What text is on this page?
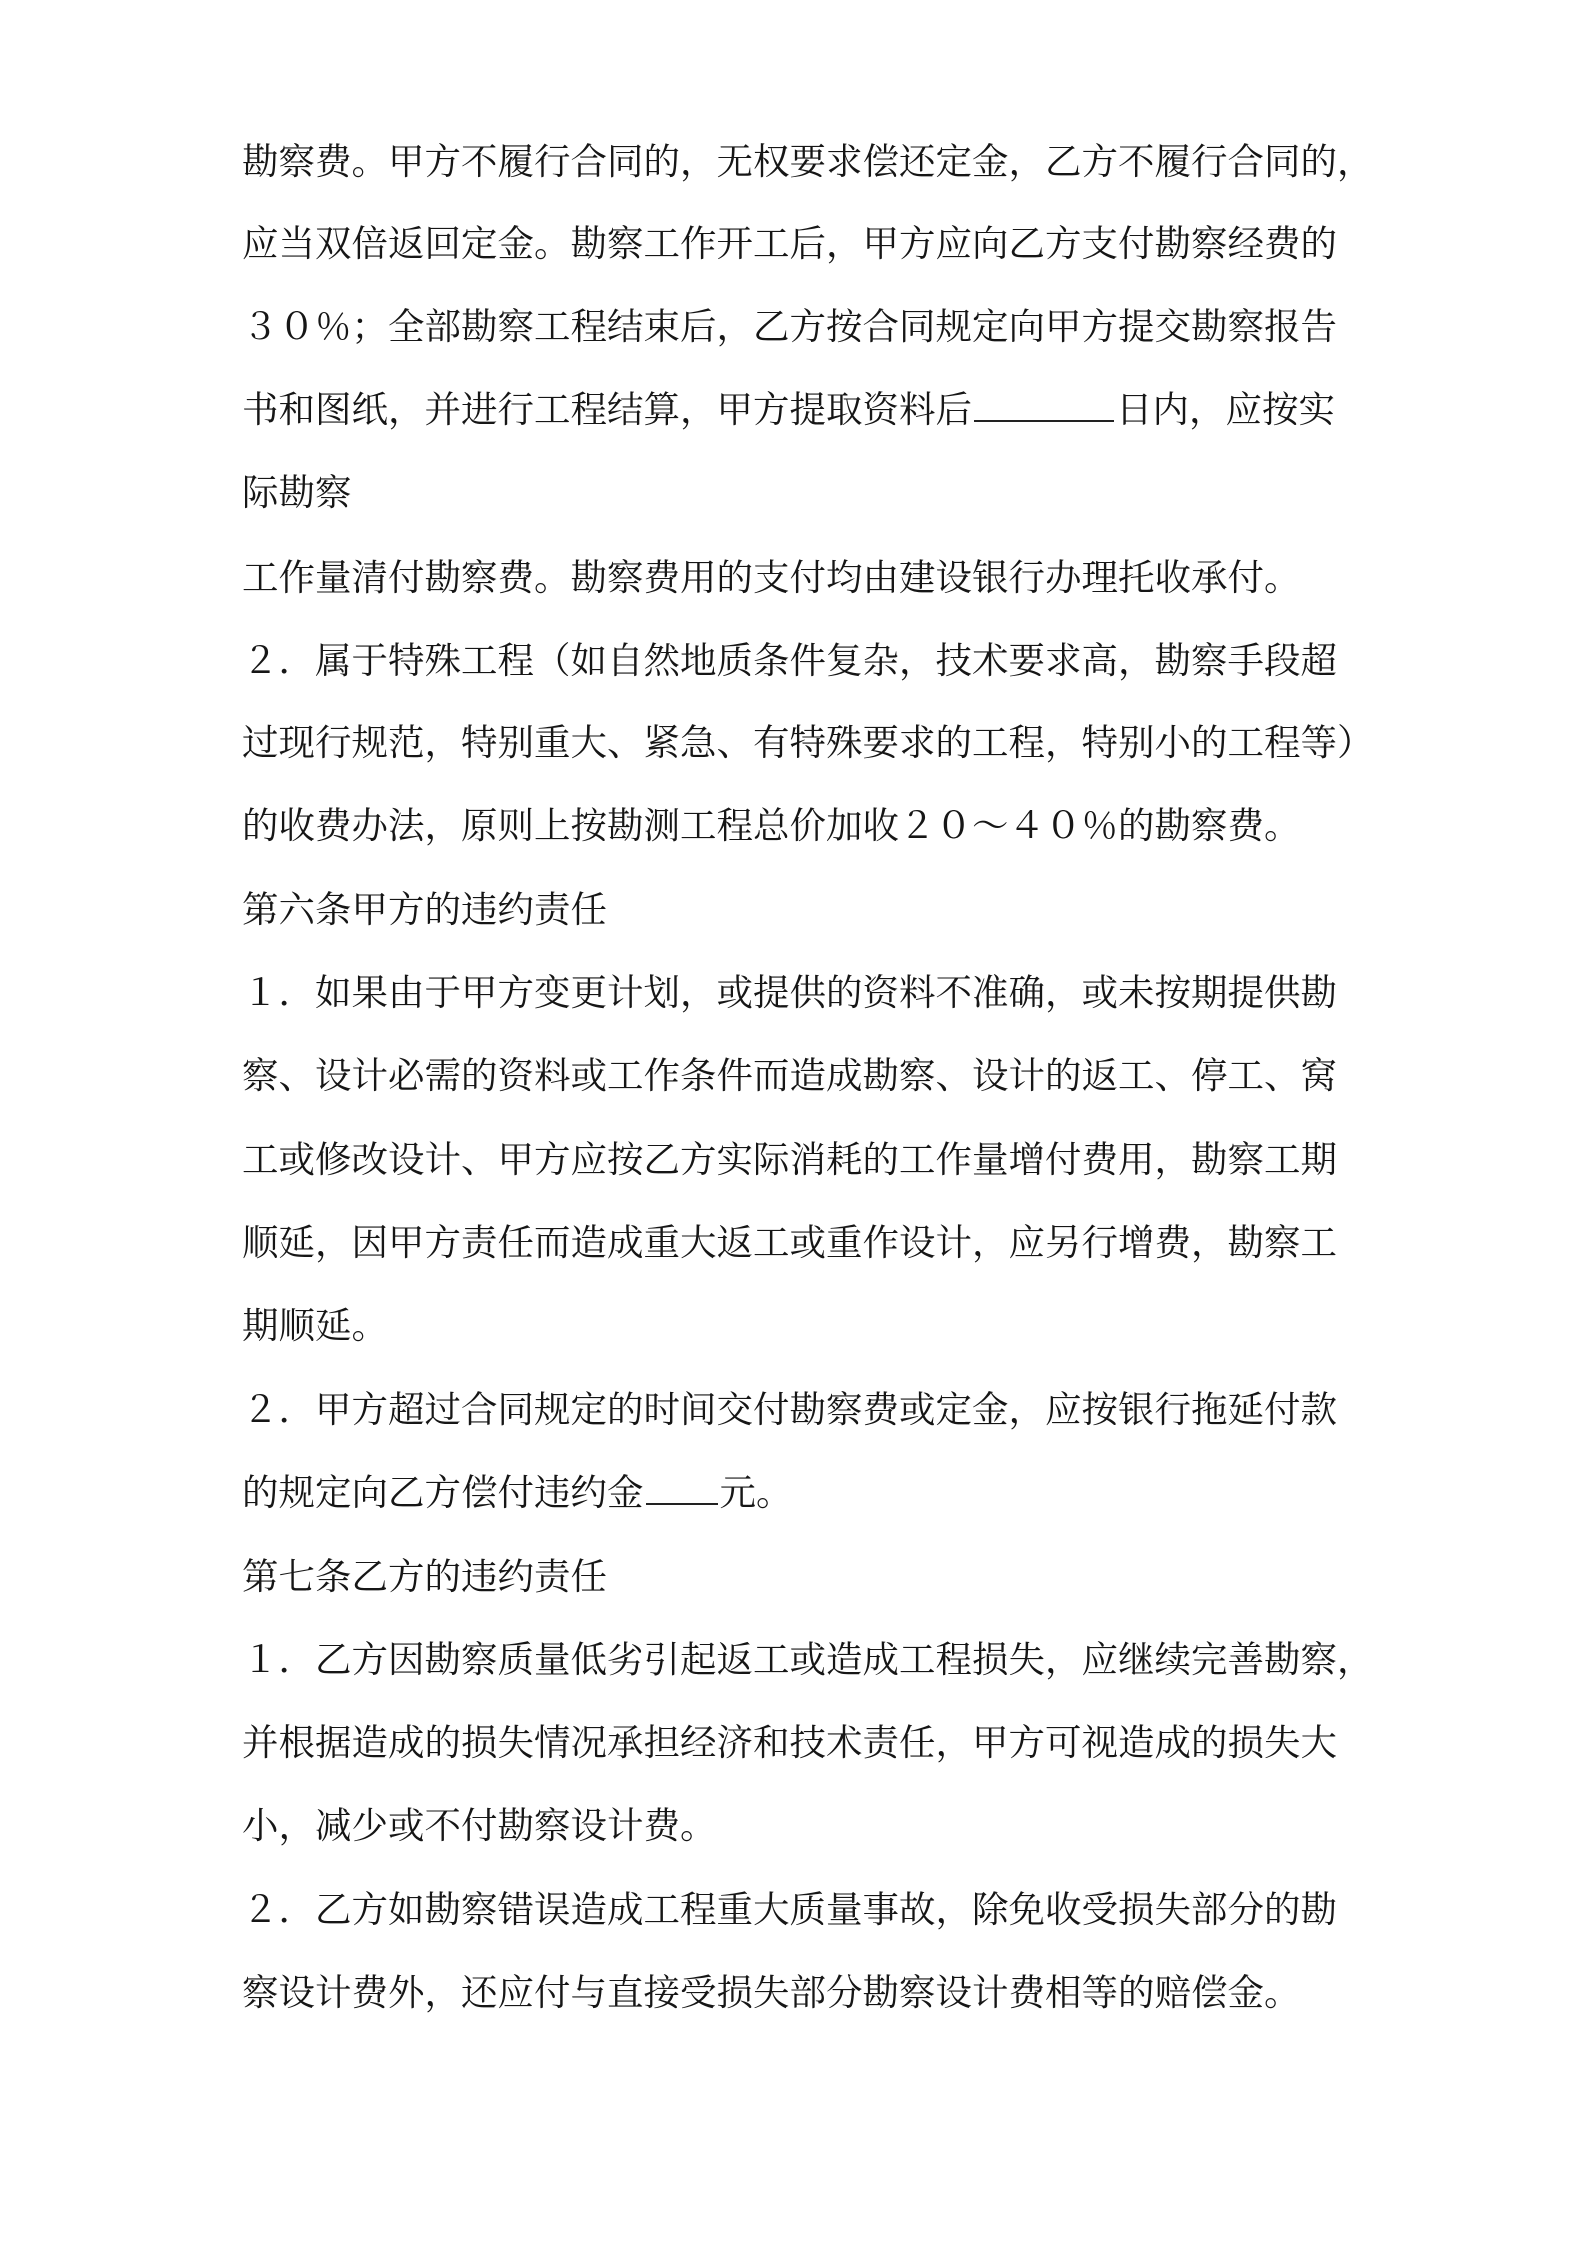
勘察费。甲方不履行合同的，无权要求偿还定金，乙方不履行合同的，
应当双倍返回定金。勘察工作开工后，甲方应向乙方支付勘察经费的
３０％；全部勘察工程结束后，乙方按合同规定向甲方提交勘察报告
书和图纸，并进行工程结算，甲方提取资料后	日内，应按实
际勘察
工作量清付勘察费。勘察费用的支付均由建设银行办理托收承付。
２．属于特殊工程（如自然地质条件复杂，技术要求高，勘察手段超
过现行规范，特别重大、紧急、有特殊要求的工程，特别小的工程等）
的收费办法，原则上按勘测工程总价加收２０～４０％的勘察费。
第六条甲方的违约责任
１．如果由于甲方变更计划，或提供的资料不准确，或未按期提供勘
察、设计必需的资料或工作条件而造成勘察、设计的返工、停工、窝
工或修改设计、甲方应按乙方实际消耗的工作量增付费用，勘察工期
顺延，因甲方责任而造成重大返工或重作设计，应另行增费，勘察工
期顺延。
２．甲方超过合同规定的时间交付勘察费或定金，应按银行拖延付款
的规定向乙方偿付违约金 元。
第七条乙方的违约责任
１．乙方因勘察质量低劣引起返工或造成工程损失，应继续完善勘察，
并根据造成的损失情况承担经济和技术责任，甲方可视造成的损失大
小，减少或不付勘察设计费。
２．乙方如勘察错误造成工程重大质量事故，除免收受损失部分的勘
察设计费外，还应付与直接受损失部分勘察设计费相等的赔偿金。
